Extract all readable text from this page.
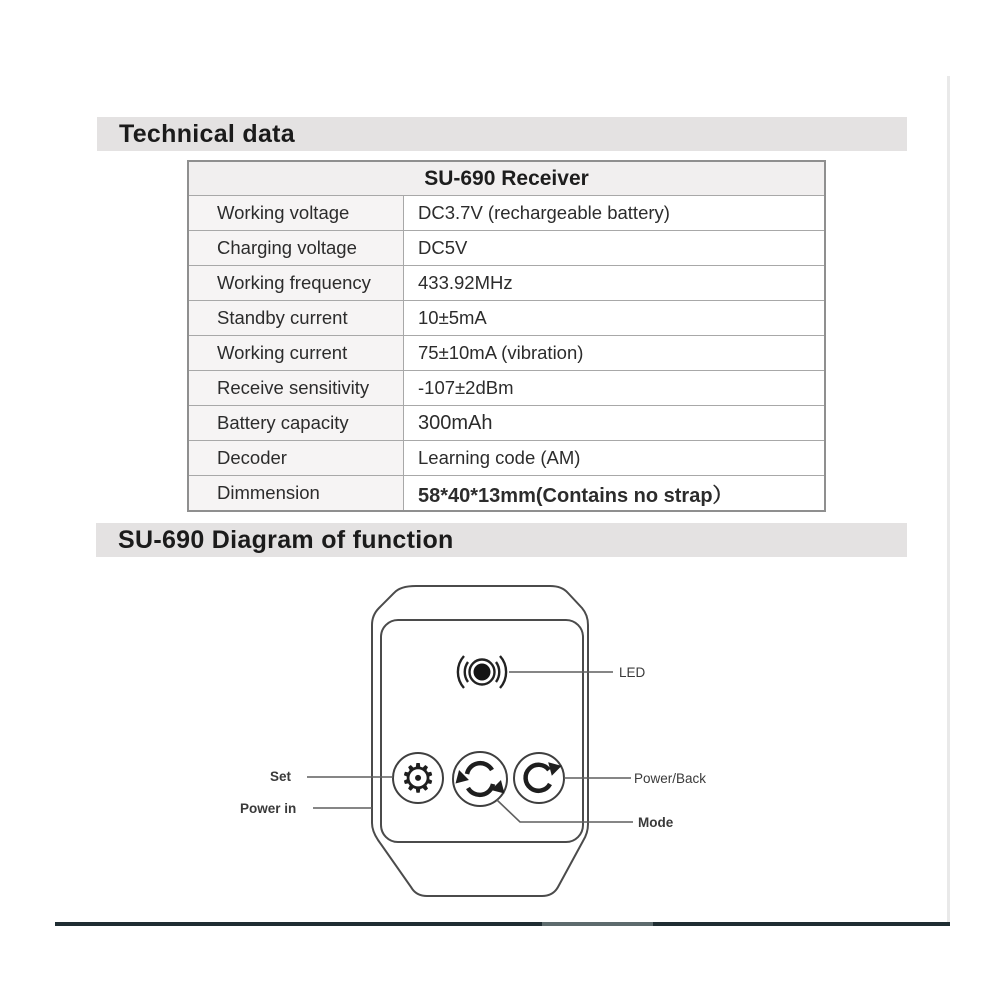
Technical data
SU-690 Receiver
Working voltage	DC3.7V (rechargeable battery)
Charging voltage	DC5V
Working frequency	433.92MHz
Standby current	10±5mA
Working current	75±10mA (vibration)
Receive sensitivity	-107±2dBm
Battery capacity	300mAh
Decoder	Learning code (AM)
Dimmension	58*40*13mm(Contains no strap）
SU-690 Diagram of function
⚙
LED
Power/Back
Mode
Set
Power in
